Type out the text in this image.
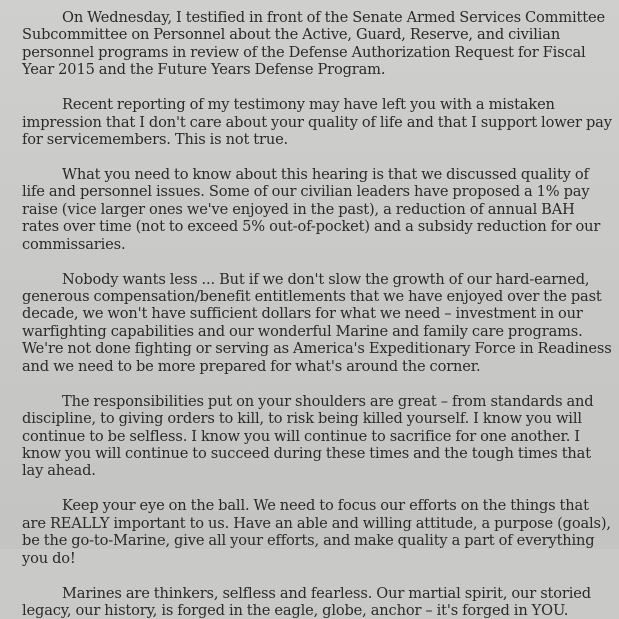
On Wednesday, I testified in front of the Senate Armed Services Committee Subcommittee on Personnel about the Active, Guard, Reserve, and civilian personnel programs in review of the Defense Authorization Request for Fiscal Year 2015 and the Future Years Defense Program.

Recent reporting of my testimony may have left you with a mistaken impression that I don't care about your quality of life and that I support lower pay for servicemembers. This is not true.

What you need to know about this hearing is that we discussed quality of life and personnel issues. Some of our civilian leaders have proposed a 1% pay raise (vice larger ones we've enjoyed in the past), a reduction of annual BAH rates over time (not to exceed 5% out-of-pocket) and a subsidy reduction for our commissaries.

Nobody wants less ... But if we don't slow the growth of our hard-earned, generous compensation/benefit entitlements that we have enjoyed over the past decade, we won't have sufficient dollars for what we need – investment in our warfighting capabilities and our wonderful Marine and family care programs. We're not done fighting or serving as America's Expeditionary Force in Readiness and we need to be more prepared for what's around the corner.

The responsibilities put on your shoulders are great – from standards and discipline, to giving orders to kill, to risk being killed yourself. I know you will continue to be selfless. I know you will continue to sacrifice for one another. I know you will continue to succeed during these times and the tough times that lay ahead.

Keep your eye on the ball. We need to focus our efforts on the things that are REALLY important to us. Have an able and willing attitude, a purpose (goals), be the go-to-Marine, give all your efforts, and make quality a part of everything you do!

Marines are thinkers, selfless and fearless. Our martial spirit, our storied legacy, our history, is forged in the eagle, globe, anchor – it's forged in YOU.
